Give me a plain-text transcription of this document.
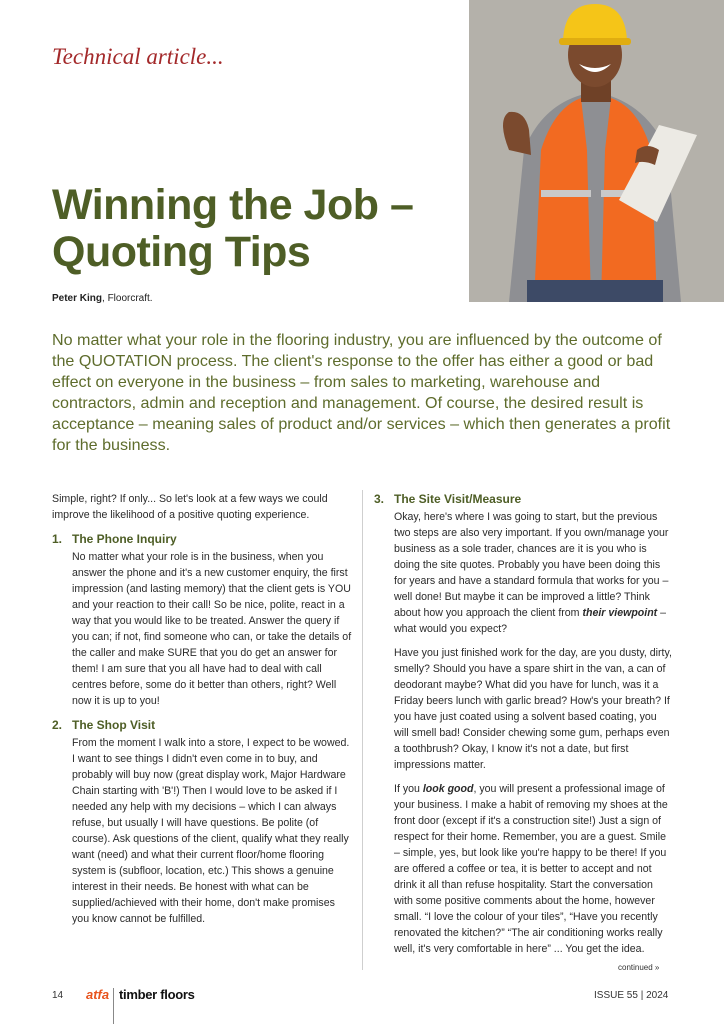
Technical article...
Winning the Job –
Quoting Tips
Peter King, Floorcraft.

No matter what your role in the flooring industry, you are influenced by the outcome of the QUOTATION process. The client's response to the offer has either a good or bad effect on everyone in the business – from sales to marketing, warehouse and contractors, admin and reception and management. Of course, the desired result is acceptance – meaning sales of product and/or services – which then generates a profit for the business.

Simple, right? If only... So let's look at a few ways we could improve the likelihood of a positive quoting experience.

1. The Phone Inquiry

No matter what your role is in the business, when you answer the phone and it's a new customer enquiry, the first impression (and lasting memory) that the client gets is YOU and your reaction to their call! So be nice, polite, react in a way that you would like to be treated. Answer the query if you can; if not, find someone who can, or take the details of the caller and make SURE that you do get an answer for them! I am sure that you all have had to deal with call centres before, some do it better than others, right? Well now it is up to you!

2. The Shop Visit

From the moment I walk into a store, I expect to be wowed. I want to see things I didn't even come in to buy, and probably will buy now (great display work, Major Hardware Chain starting with 'B'!) Then I would love to be asked if I needed any help with my decisions – which I can always refuse, but usually I will have questions. Be polite (of course). Ask questions of the client, qualify what they really want (need) and what their current floor/home flooring system is (subfloor, location, etc.) This shows a genuine interest in their needs. Be honest with what can be supplied/achieved with their home, don't make promises you know cannot be fulfilled.

3. The Site Visit/Measure

Okay, here's where I was going to start, but the previous two steps are also very important. If you own/manage your business as a sole trader, chances are it is you who is doing the site quotes. Probably you have been doing this for years and have a standard formula that works for you – well done! But maybe it can be improved a little? Think about how you approach the client from their viewpoint – what would you expect?

Have you just finished work for the day, are you dusty, dirty, smelly? Should you have a spare shirt in the van, a can of deodorant maybe? What did you have for lunch, was it a Friday beers lunch with garlic bread? How's your breath? If you have just coated using a solvent based coating, you will smell bad! Consider chewing some gum, perhaps even a toothbrush? Okay, I know it's not a date, but first impressions matter.

If you look good, you will present a professional image of your business. I make a habit of removing my shoes at the front door (except if it's a construction site!) Just a sign of respect for their home. Remember, you are a guest. Smile – simple, yes, but look like you're happy to be there! If you are offered a coffee or tea, it is better to accept and not drink it all than refuse hospitality. Start the conversation with some positive comments about the home, however small. “I love the colour of your tiles”, “Have you recently renovated the kitchen?” “The air conditioning works really well, it's very comfortable in here” ... You get the idea.

continued »
14 atfa timber floors	ISSUE 55 | 2024
